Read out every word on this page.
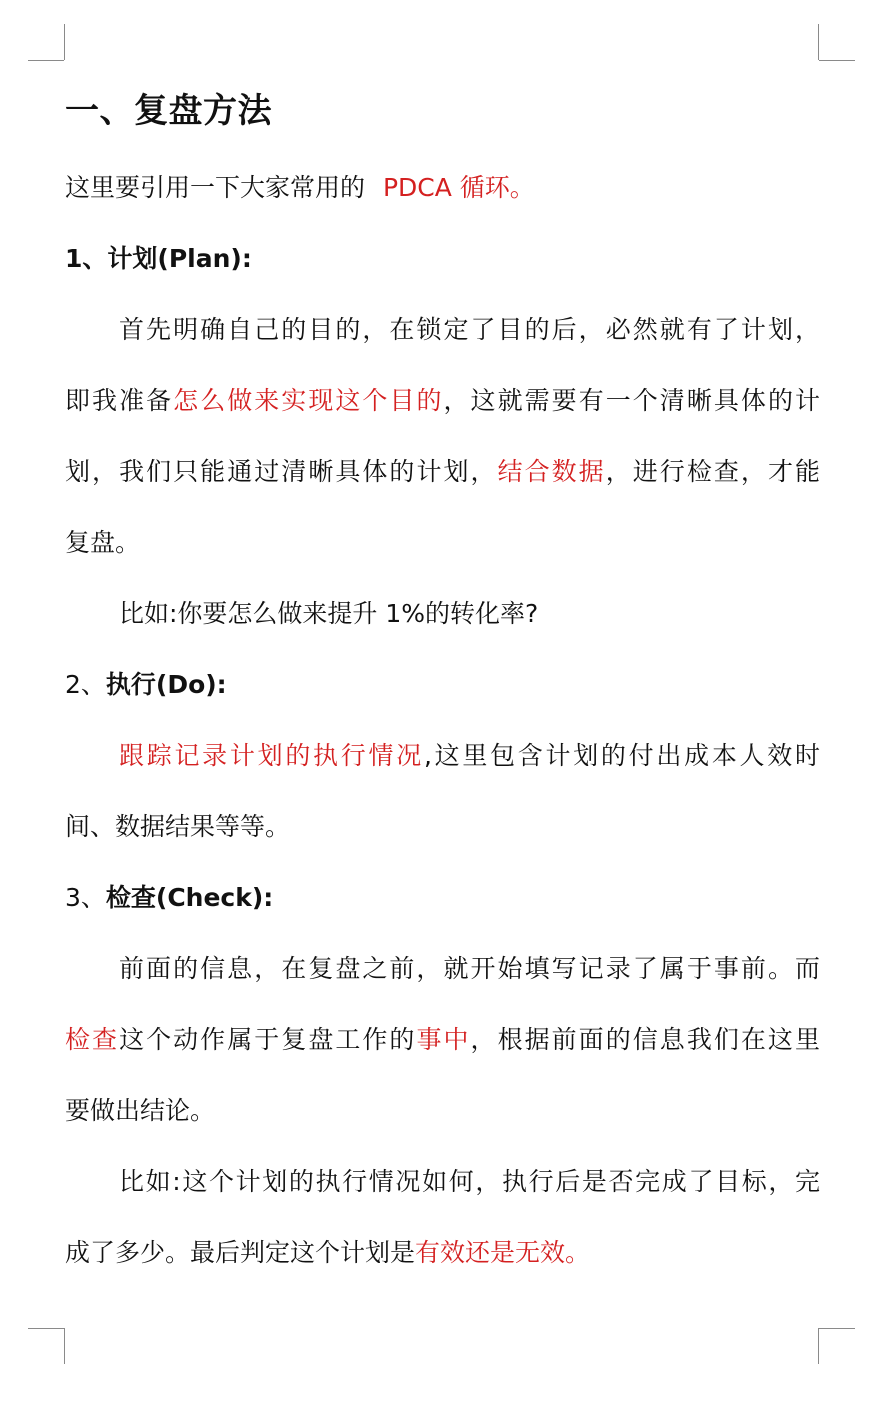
一、复盘方法
这里要引用一下大家常用的 PDCA 循环。
1、计划(Plan):
首先明确自己的目的，在锁定了目的后，必然就有了计划，
即我准备怎么做来实现这个目的，这就需要有一个清晰具体的计
划，我们只能通过清晰具体的计划，结合数据，进行检查，才能
复盘。
比如:你要怎么做来提升 1%的转化率?
2、执行(Do):
跟踪记录计划的执行情况,这里包含计划的付出成本人效时
间、数据结果等等。
3、检查(Check):
前面的信息，在复盘之前，就开始填写记录了属于事前。而
检查这个动作属于复盘工作的事中，根据前面的信息我们在这里
要做出结论。
比如:这个计划的执行情况如何，执行后是否完成了目标，完
成了多少。最后判定这个计划是有效还是无效。
